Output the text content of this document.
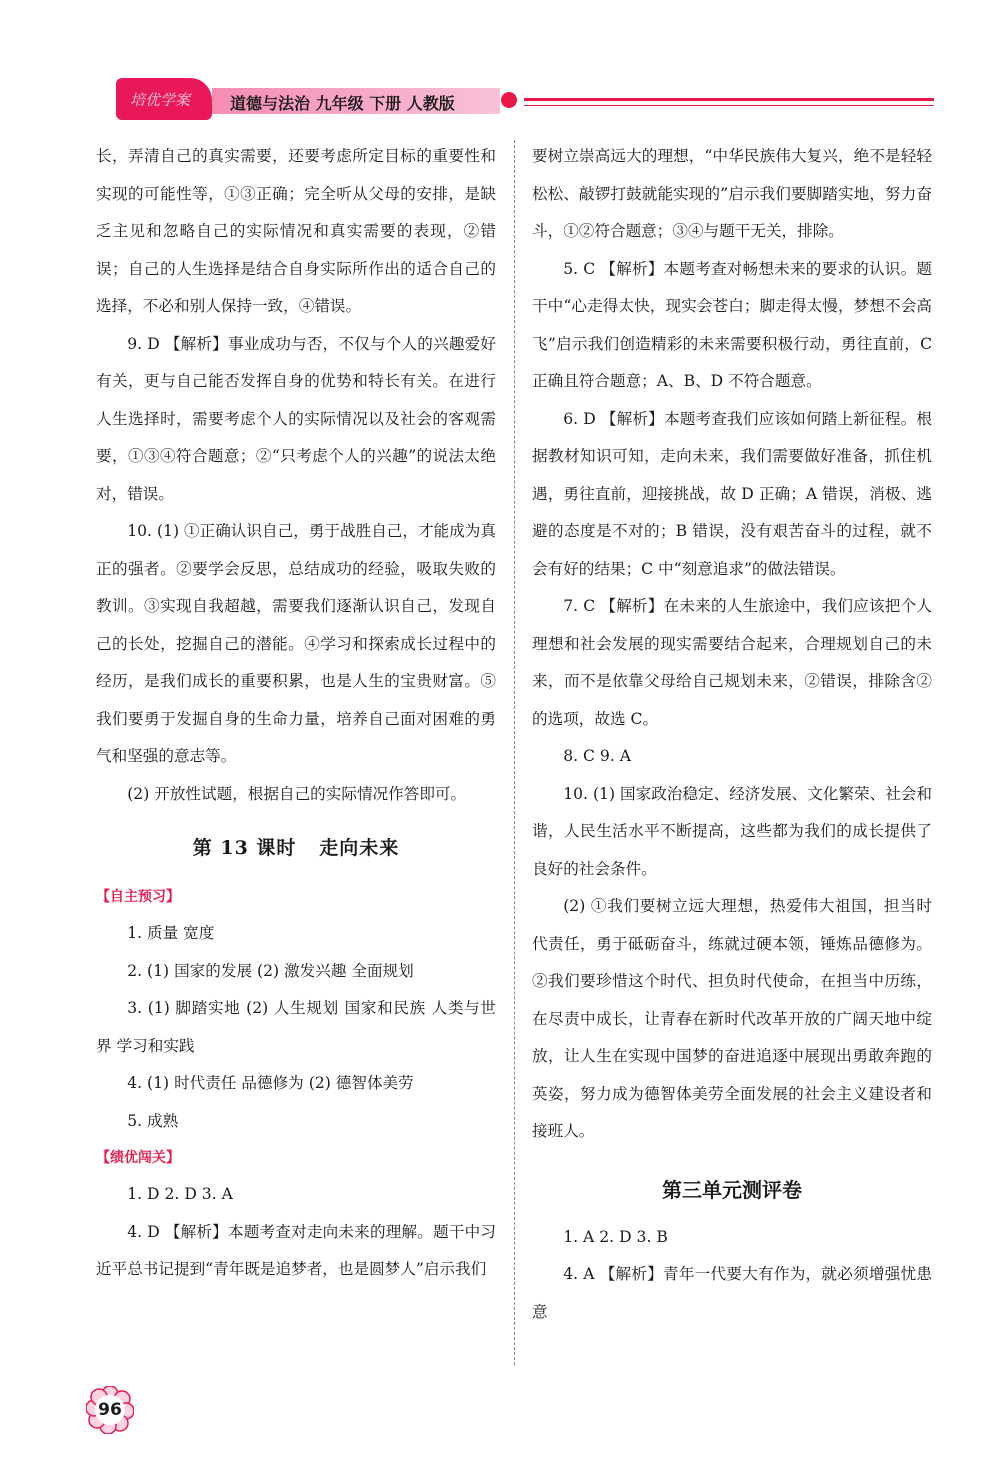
培优学案 道德与法治 九年级 下册 人教版

长，弄清自己的真实需要，还要考虑所定目标的重要性和实现的可能性等，①③正确；完全听从父母的安排，是缺乏主见和忽略自己的实际情况和真实需要的表现，②错误；自己的人生选择是结合自身实际所作出的适合自己的选择，不必和别人保持一致，④错误。

9. D 【解析】事业成功与否，不仅与个人的兴趣爱好有关，更与自己能否发挥自身的优势和特长有关。在进行人生选择时，需要考虑个人的实际情况以及社会的客观需要，①③④符合题意；②“只考虑个人的兴趣”的说法太绝对，错误。

10. (1) ①正确认识自己，勇于战胜自己，才能成为真正的强者。②要学会反思，总结成功的经验，吸取失败的教训。③实现自我超越，需要我们逐渐认识自己，发现自己的长处，挖掘自己的潜能。④学习和探索成长过程中的经历，是我们成长的重要积累，也是人生的宝贵财富。⑤我们要勇于发掘自身的生命力量，培养自己面对困难的勇气和坚强的意志等。

(2) 开放性试题，根据自己的实际情况作答即可。

第 13 课时   走向未来
【自主预习】

1. 质量 宽度

2. (1) 国家的发展 (2) 激发兴趣 全面规划

3. (1) 脚踏实地 (2) 人生规划 国家和民族 人类与世界 学习和实践

4. (1) 时代责任 品德修为 (2) 德智体美劳

5. 成熟

【绩优闯关】

1. D 2. D 3. A

4. D 【解析】本题考查对走向未来的理解。题干中习近平总书记提到“青年既是追梦者，也是圆梦人”启示我们

要树立崇高远大的理想，“中华民族伟大复兴，绝不是轻轻松松、敲锣打鼓就能实现的”启示我们要脚踏实地，努力奋斗，①②符合题意；③④与题干无关，排除。

5. C 【解析】本题考查对畅想未来的要求的认识。题干中“心走得太快，现实会苍白；脚走得太慢，梦想不会高飞”启示我们创造精彩的未来需要积极行动，勇往直前，C 正确且符合题意；A、B、D 不符合题意。

6. D 【解析】本题考查我们应该如何踏上新征程。根据教材知识可知，走向未来，我们需要做好准备，抓住机遇，勇往直前，迎接挑战，故 D 正确；A 错误，消极、逃避的态度是不对的；B 错误，没有艰苦奋斗的过程，就不会有好的结果；C 中“刻意追求”的做法错误。

7. C 【解析】在未来的人生旅途中，我们应该把个人理想和社会发展的现实需要结合起来，合理规划自己的未来，而不是依靠父母给自己规划未来，②错误，排除含②的选项，故选 C。

8. C 9. A

10. (1) 国家政治稳定、经济发展、文化繁荣、社会和谐，人民生活水平不断提高，这些都为我们的成长提供了良好的社会条件。

(2) ①我们要树立远大理想，热爱伟大祖国，担当时代责任，勇于砥砺奋斗，练就过硬本领，锤炼品德修为。②我们要珍惜这个时代、担负时代使命，在担当中历练，在尽责中成长，让青春在新时代改革开放的广阔天地中绽放，让人生在实现中国梦的奋进追逐中展现出勇敢奔跑的英姿，努力成为德智体美劳全面发展的社会主义建设者和接班人。

第三单元测评卷

1. A 2. D 3. B

4. A 【解析】青年一代要大有作为，就必须增强忧患意

96
